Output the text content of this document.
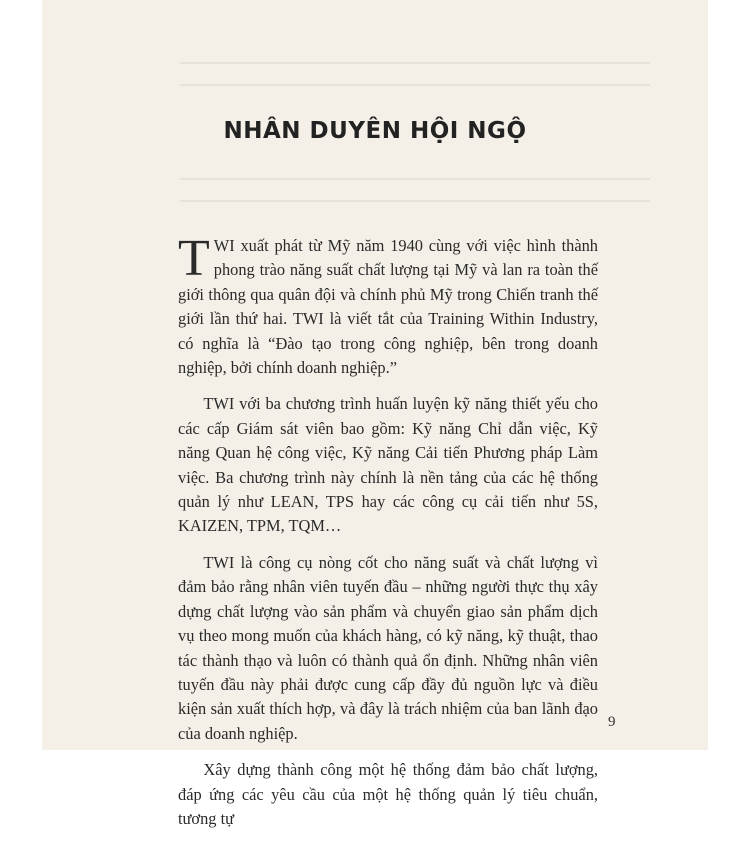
NHÂN DUYÊN HỘI NGỘ

TWI xuất phát từ Mỹ năm 1940 cùng với việc hình thành phong trào năng suất chất lượng tại Mỹ và lan ra toàn thế giới thông qua quân đội và chính phủ Mỹ trong Chiến tranh thế giới lần thứ hai. TWI là viết tắt của Training Within Industry, có nghĩa là “Đào tạo trong công nghiệp, bên trong doanh nghiệp, bởi chính doanh nghiệp.”

TWI với ba chương trình huấn luyện kỹ năng thiết yếu cho các cấp Giám sát viên bao gồm: Kỹ năng Chỉ dẫn việc, Kỹ năng Quan hệ công việc, Kỹ năng Cải tiến Phương pháp Làm việc. Ba chương trình này chính là nền tảng của các hệ thống quản lý như LEAN, TPS hay các công cụ cải tiến như 5S, KAIZEN, TPM, TQM…

TWI là công cụ nòng cốt cho năng suất và chất lượng vì đảm bảo rằng nhân viên tuyến đầu – những người thực thụ xây dựng chất lượng vào sản phẩm và chuyển giao sản phẩm dịch vụ theo mong muốn của khách hàng, có kỹ năng, kỹ thuật, thao tác thành thạo và luôn có thành quả ổn định. Những nhân viên tuyến đầu này phải được cung cấp đầy đủ nguồn lực và điều kiện sản xuất thích hợp, và đây là trách nhiệm của ban lãnh đạo của doanh nghiệp.

Xây dựng thành công một hệ thống đảm bảo chất lượng, đáp ứng các yêu cầu của một hệ thống quản lý tiêu chuẩn, tương tự

9
